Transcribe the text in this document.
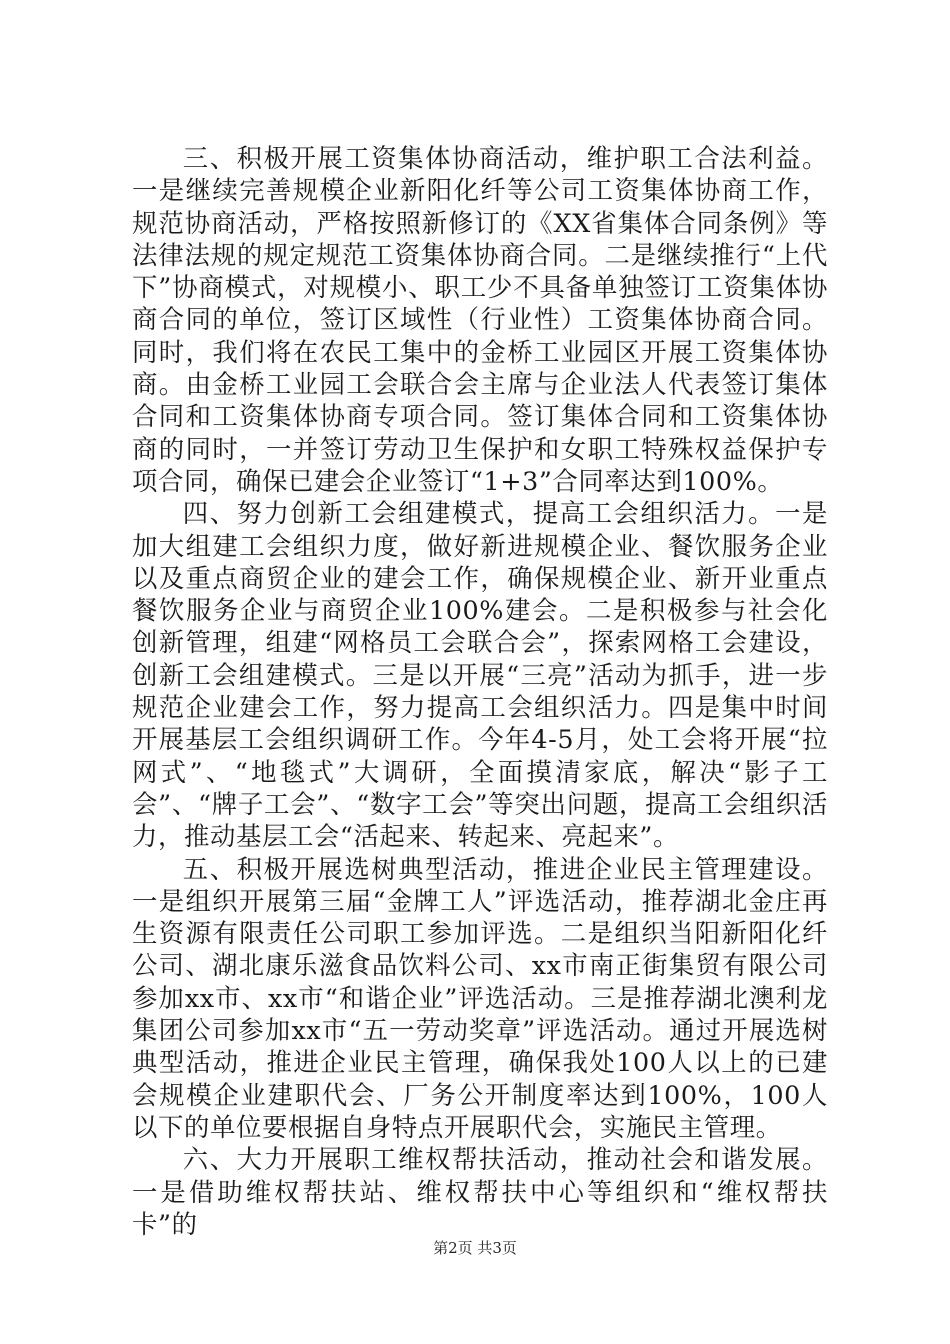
三、积极开展工资集体协商活动，维护职工合法利益。一是继续完善规模企业新阳化纤等公司工资集体协商工作，规范协商活动，严格按照新修订的《XX省集体合同条例》等法律法规的规定规范工资集体协商合同。二是继续推行“上代下”协商模式，对规模小、职工少不具备单独签订工资集体协商合同的单位，签订区域性（行业性）工资集体协商合同。同时，我们将在农民工集中的金桥工业园区开展工资集体协商。由金桥工业园工会联合会主席与企业法人代表签订集体合同和工资集体协商专项合同。签订集体合同和工资集体协商的同时，一并签订劳动卫生保护和女职工特殊权益保护专项合同，确保已建会企业签订“1+3”合同率达到100%。

四、努力创新工会组建模式，提高工会组织活力。一是加大组建工会组织力度，做好新进规模企业、餐饮服务企业以及重点商贸企业的建会工作，确保规模企业、新开业重点餐饮服务企业与商贸企业100%建会。二是积极参与社会化创新管理，组建“网格员工会联合会”，探索网格工会建设，创新工会组建模式。三是以开展“三亮”活动为抓手，进一步规范企业建会工作，努力提高工会组织活力。四是集中时间开展基层工会组织调研工作。今年4-5月，处工会将开展“拉网式”、“地毯式”大调研，全面摸清家底，解决“影子工会”、“牌子工会”、“数字工会”等突出问题，提高工会组织活力，推动基层工会“活起来、转起来、亮起来”。

五、积极开展选树典型活动，推进企业民主管理建设。一是组织开展第三届“金牌工人”评选活动，推荐湖北金庄再生资源有限责任公司职工参加评选。二是组织当阳新阳化纤公司、湖北康乐滋食品饮料公司、xx市南正街集贸有限公司参加xx市、xx市“和谐企业”评选活动。三是推荐湖北澳利龙集团公司参加xx市“五一劳动奖章”评选活动。通过开展选树典型活动，推进企业民主管理，确保我处100人以上的已建会规模企业建职代会、厂务公开制度率达到100%，100人以下的单位要根据自身特点开展职代会，实施民主管理。

六、大力开展职工维权帮扶活动，推动社会和谐发展。一是借助维权帮扶站、维权帮扶中心等组织和“维权帮扶卡”的

第2页 共3页
